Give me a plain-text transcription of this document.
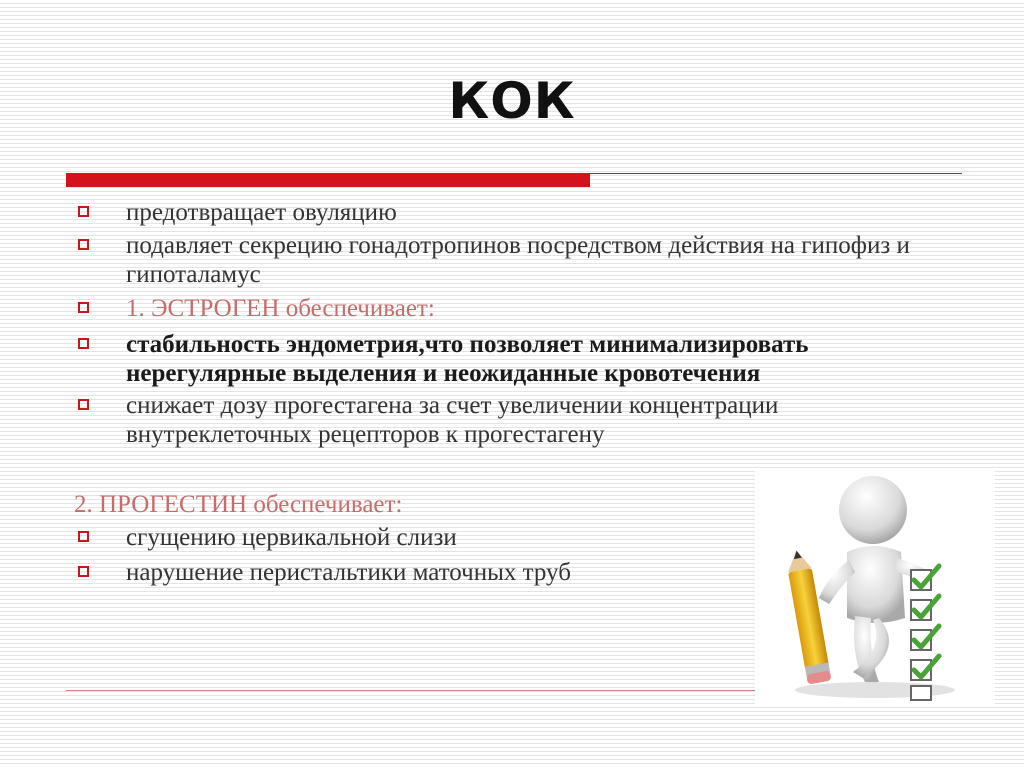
КОК
предотвращает овуляцию
подавляет секрецию гонадотропинов посредством действия на гипофиз и гипоталамус
1. ЭСТРОГЕН обеспечивает:
стабильность эндометрия,что позволяет минимализировать нерегулярные выделения и неожиданные кровотечения
снижает дозу прогестагена за счет увеличении концентрации внутреклеточных рецепторов к прогестагену
2. ПРОГЕСТИН обеспечивает:
сгущению цервикальной слизи
нарушение перистальтики маточных труб
